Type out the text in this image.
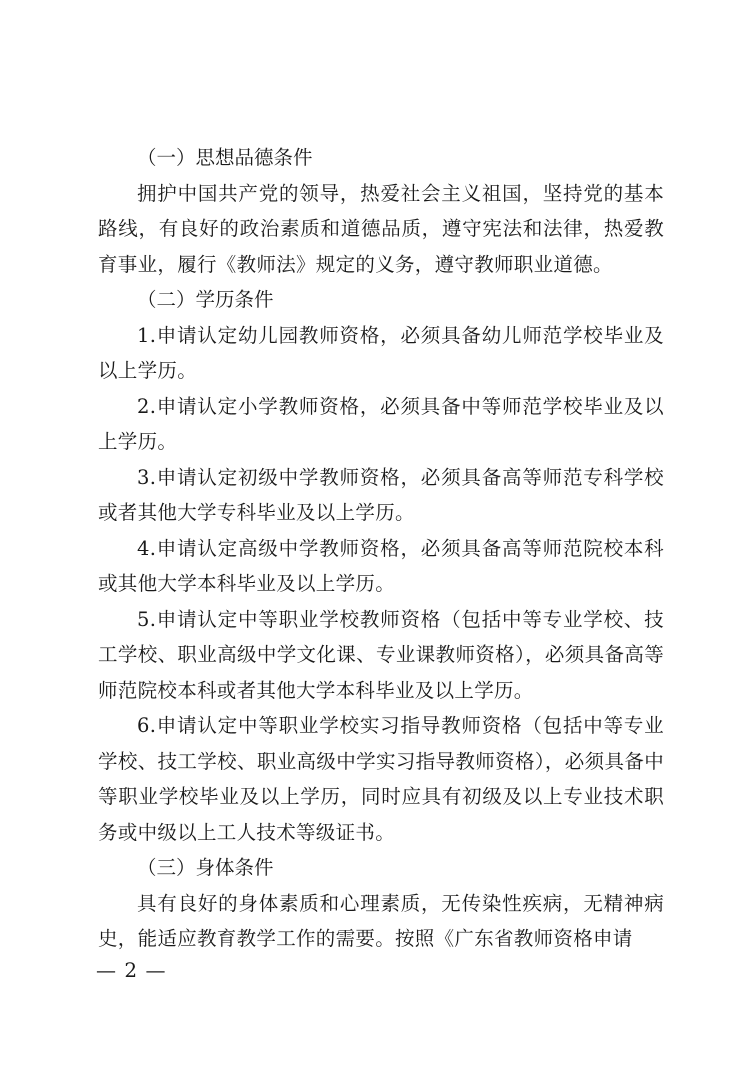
（一）思想品德条件

拥护中国共产党的领导，热爱社会主义祖国，坚持党的基本路线，有良好的政治素质和道德品质，遵守宪法和法律，热爱教育事业，履行《教师法》规定的义务，遵守教师职业道德。

（二）学历条件

1.申请认定幼儿园教师资格，必须具备幼儿师范学校毕业及以上学历。

2.申请认定小学教师资格，必须具备中等师范学校毕业及以上学历。

3.申请认定初级中学教师资格，必须具备高等师范专科学校或者其他大学专科毕业及以上学历。

4.申请认定高级中学教师资格，必须具备高等师范院校本科或其他大学本科毕业及以上学历。

5.申请认定中等职业学校教师资格（包括中等专业学校、技工学校、职业高级中学文化课、专业课教师资格），必须具备高等师范院校本科或者其他大学本科毕业及以上学历。

6.申请认定中等职业学校实习指导教师资格（包括中等专业学校、技工学校、职业高级中学实习指导教师资格），必须具备中等职业学校毕业及以上学历，同时应具有初级及以上专业技术职务或中级以上工人技术等级证书。

（三）身体条件

具有良好的身体素质和心理素质，无传染性疾病，无精神病史，能适应教育教学工作的需要。按照《广东省教师资格申请

— 2 —
